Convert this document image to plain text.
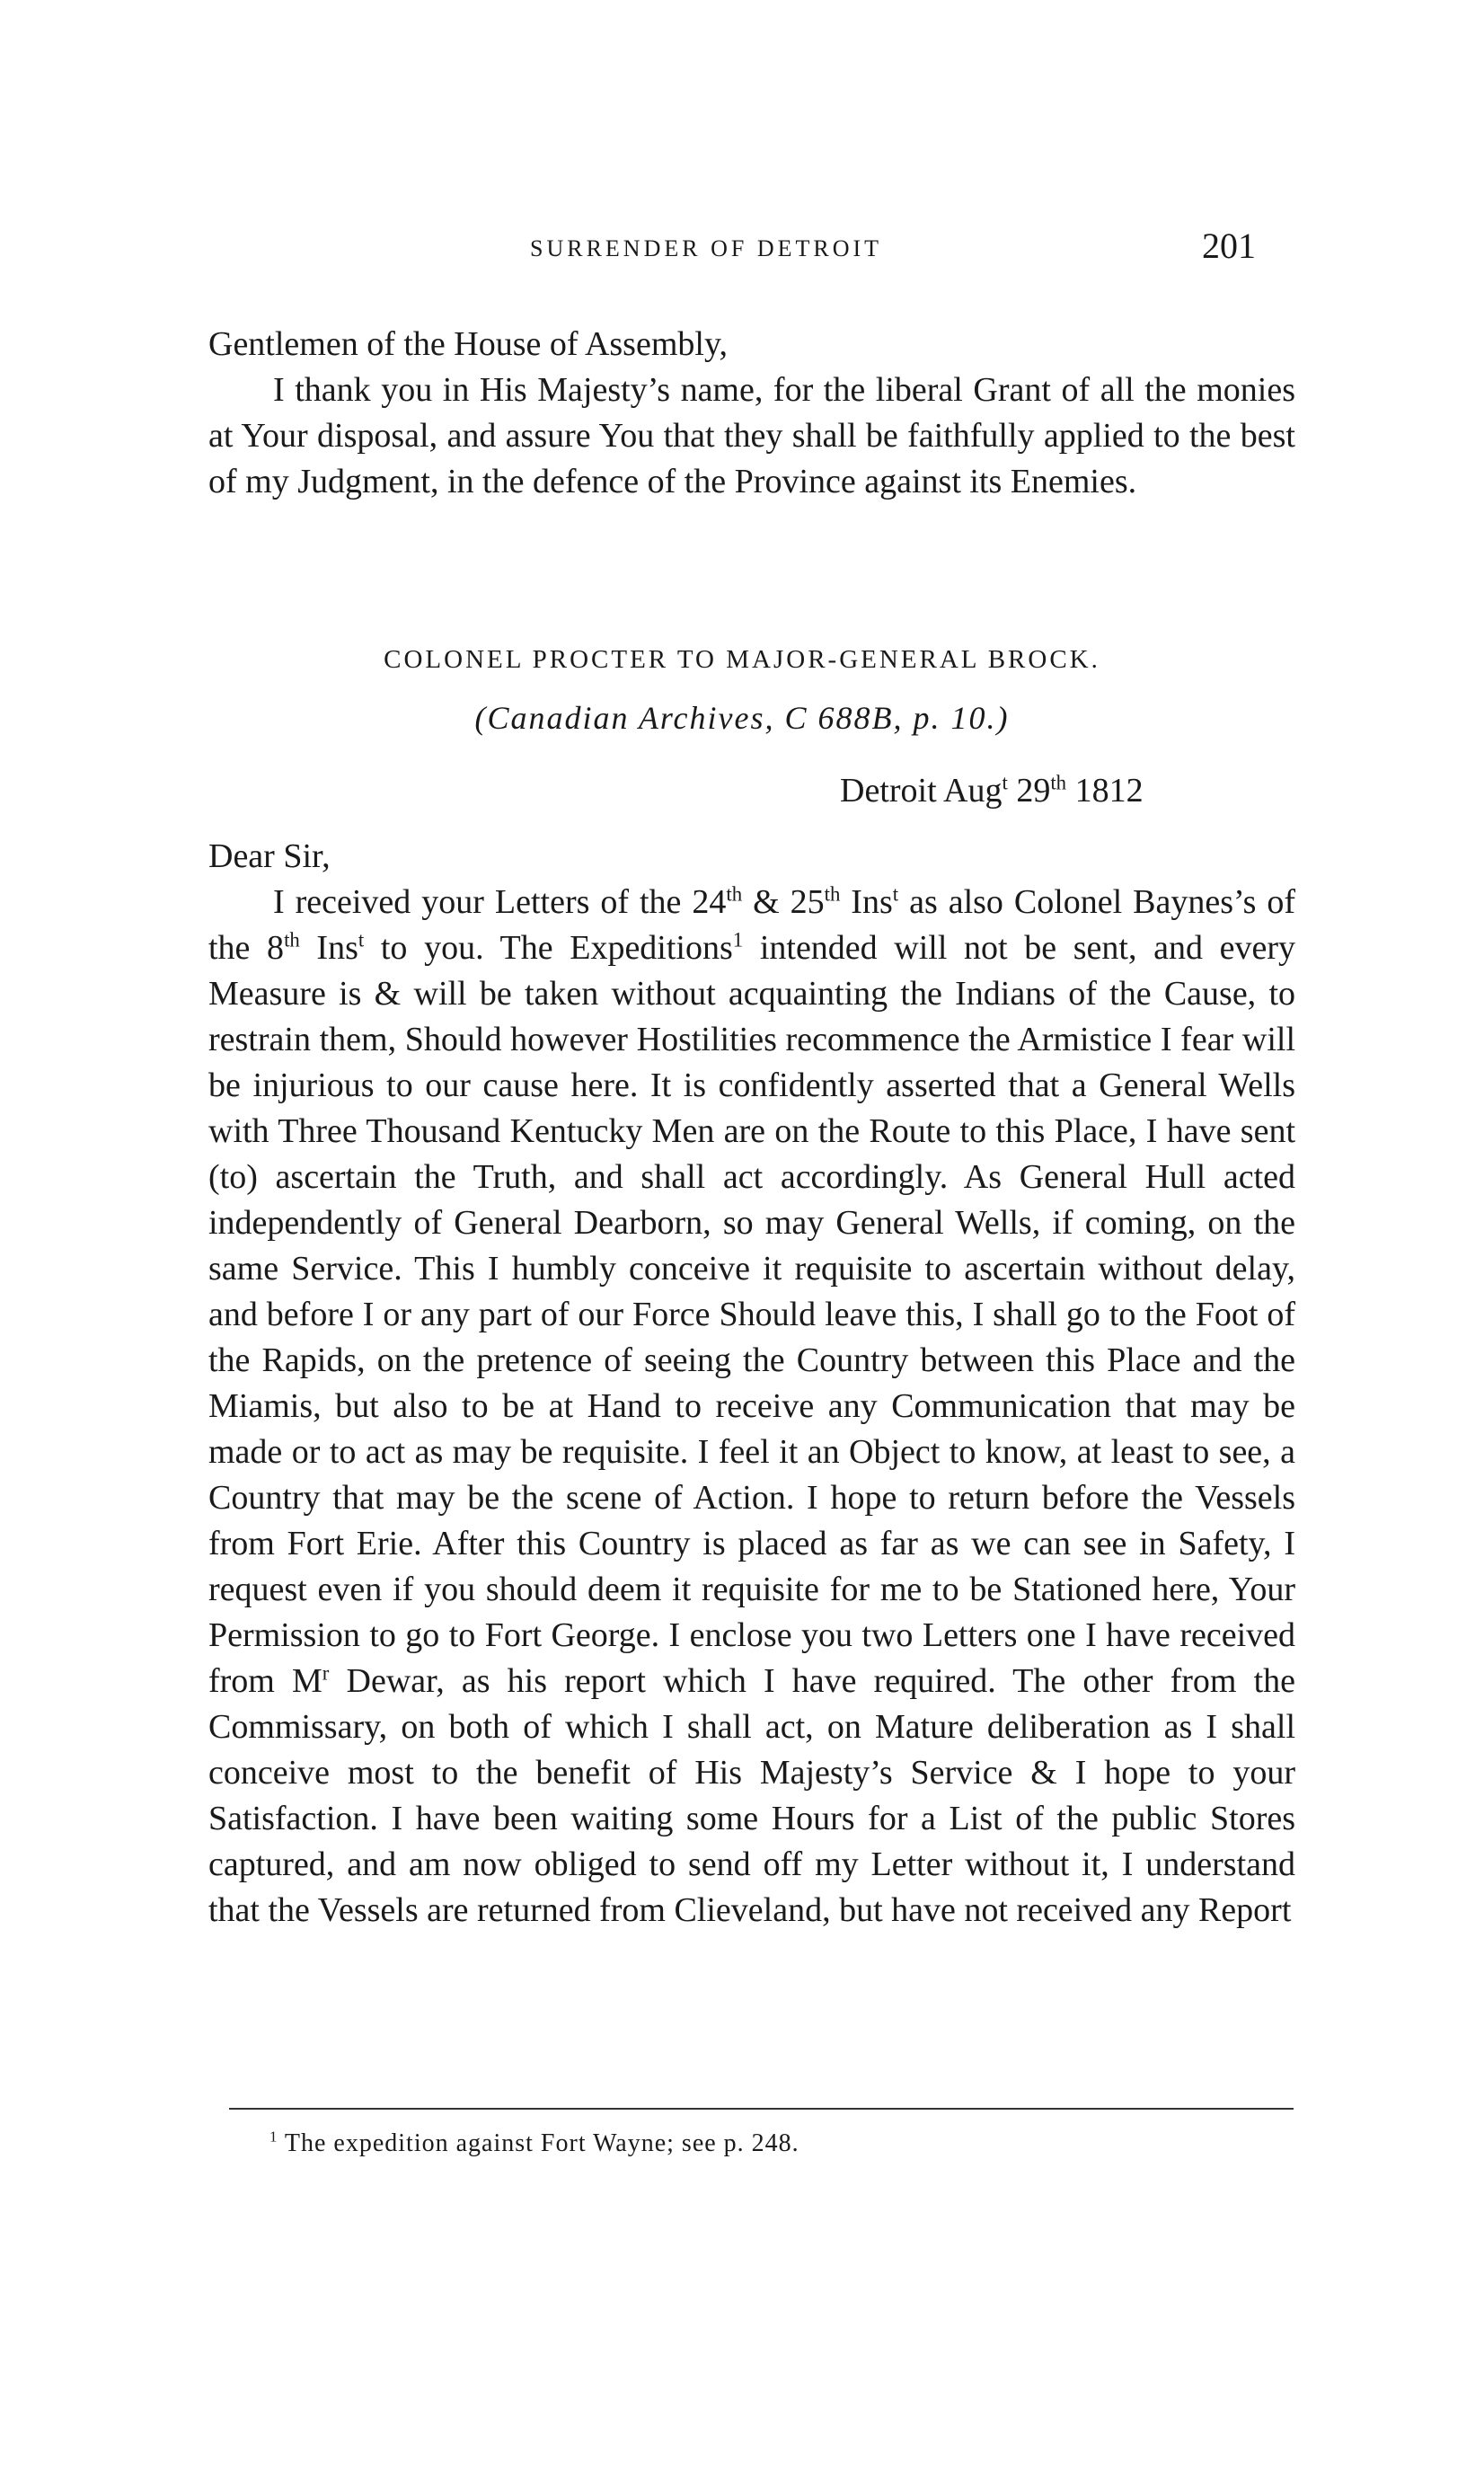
SURRENDER OF DETROIT	201

Gentlemen of the House of Assembly,

I thank you in His Majesty’s name, for the liberal Grant of all the monies at Your disposal, and assure You that they shall be faithfully applied to the best of my Judgment, in the defence of the Province against its Enemies.

COLONEL PROCTER TO MAJOR-GENERAL BROCK.
(Canadian Archives, C 688B, p. 10.)
Detroit Aug$^t$ 29th 1812

Dear Sir,

I received your Letters of the 24th & 25th Ins$^t$ as also Colonel Baynes’s of the 8th Ins$^t$ to you. The Expeditions$^1$ intended will not be sent, and every Measure is & will be taken without acquainting the Indians of the Cause, to restrain them, Should however Hostilities recommence the Armistice I fear will be injurious to our cause here. It is confidently asserted that a General Wells with Three Thousand Kentucky Men are on the Route to this Place, I have sent (to) ascertain the Truth, and shall act accordingly. As General Hull acted independently of General Dearborn, so may General Wells, if coming, on the same Service. This I humbly conceive it requisite to ascertain without delay, and before I or any part of our Force Should leave this, I shall go to the Foot of the Rapids, on the pretence of seeing the Country between this Place and the Miamis, but also to be at Hand to receive any Communication that may be made or to act as may be requisite. I feel it an Object to know, at least to see, a Country that may be the scene of Action. I hope to return before the Vessels from Fort Erie. After this Country is placed as far as we can see in Safety, I request even if you should deem it requisite for me to be Stationed here, Your Permission to go to Fort George. I enclose you two Letters one I have received from $M^r$ Dewar, as his report which I have required. The other from the Commissary, on both of which I shall act, on Mature deliberation as I shall conceive most to the benefit of His Majesty’s Service & I hope to your Satisfaction. I have been waiting some Hours for a List of the public Stores captured, and am now obliged to send off my Letter without it, I understand that the Vessels are returned from Clieveland, but have not received any Report

$^1$ The expedition against Fort Wayne; see p. 248.
